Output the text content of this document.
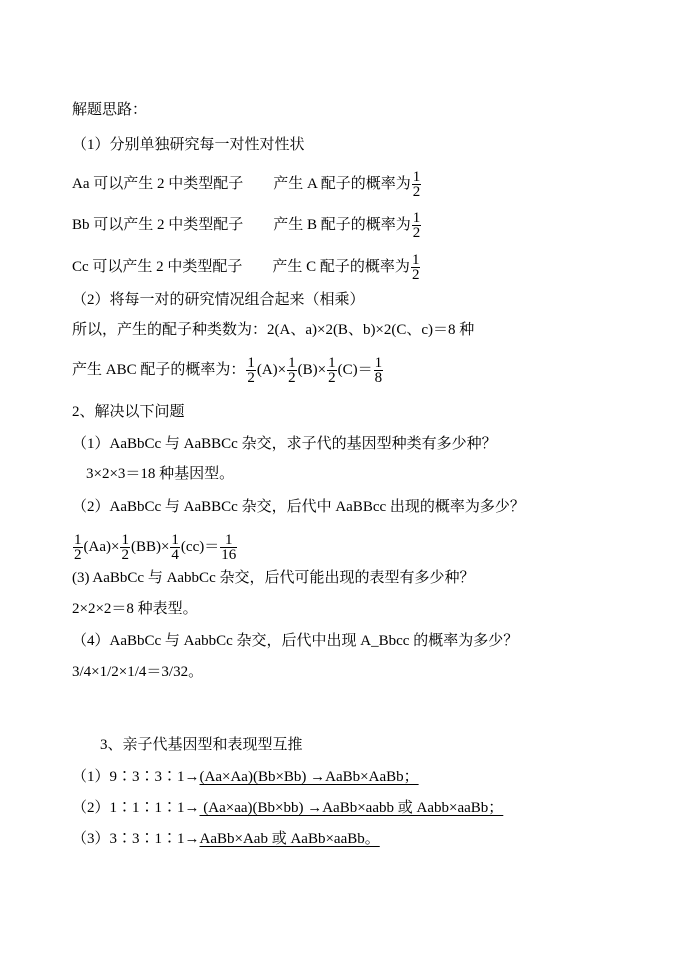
解题思路：
（1）分别单独研究每一对性对性状
Aa 可以产生 2 中类型配子 产生 A 配子的概率为 $\frac{1}{2}$
Bb 可以产生 2 中类型配子 产生 B 配子的概率为 $\frac{1}{2}$
Cc 可以产生 2 中类型配子 产生 C 配子的概率为 $\frac{1}{2}$
（2）将每一对的研究情况组合起来（相乘）
所以，产生的配子种类数为：2(A、a)×2(B、b)×2(C、c)＝8 种
产生 ABC 配子的概率为： $\frac{1}{2} (A)\times \frac{1}{2} (B)\times \frac{1}{2} (C)= \frac{1}{8}$
2、解决以下问题
（1）AaBbCc 与 AaBBCc 杂交，求子代的基因型种类有多少种？
3×2×3＝18 种基因型。
（2）AaBbCc 与 AaBBCc 杂交，后代中 AaBBcc 出现的概率为多少？
$\frac{1}{2} (Aa)\times \frac{1}{2} (BB)\times \frac{1}{4} (cc)= \frac{1}{16}$
(3) AaBbCc 与 AabbCc 杂交，后代可能出现的表型有多少种？
2×2×2＝8 种表型。
（4）AaBbCc 与 AabbCc 杂交，后代中出现 A_Bbcc 的概率为多少？
3/4×1/2×1/4＝3/32。
3、亲子代基因型和表现型互推
（1）9∶3∶3∶1→(Aa×Aa)(Bb×Bb) →AaBb×AaBb；
（2）1∶1∶1∶1→ (Aa×aa)(Bb×bb) →AaBb×aabb 或 Aabb×aaBb；
（3）3∶3∶1∶1→AaBb×Aab 或 AaBb×aaBb。
